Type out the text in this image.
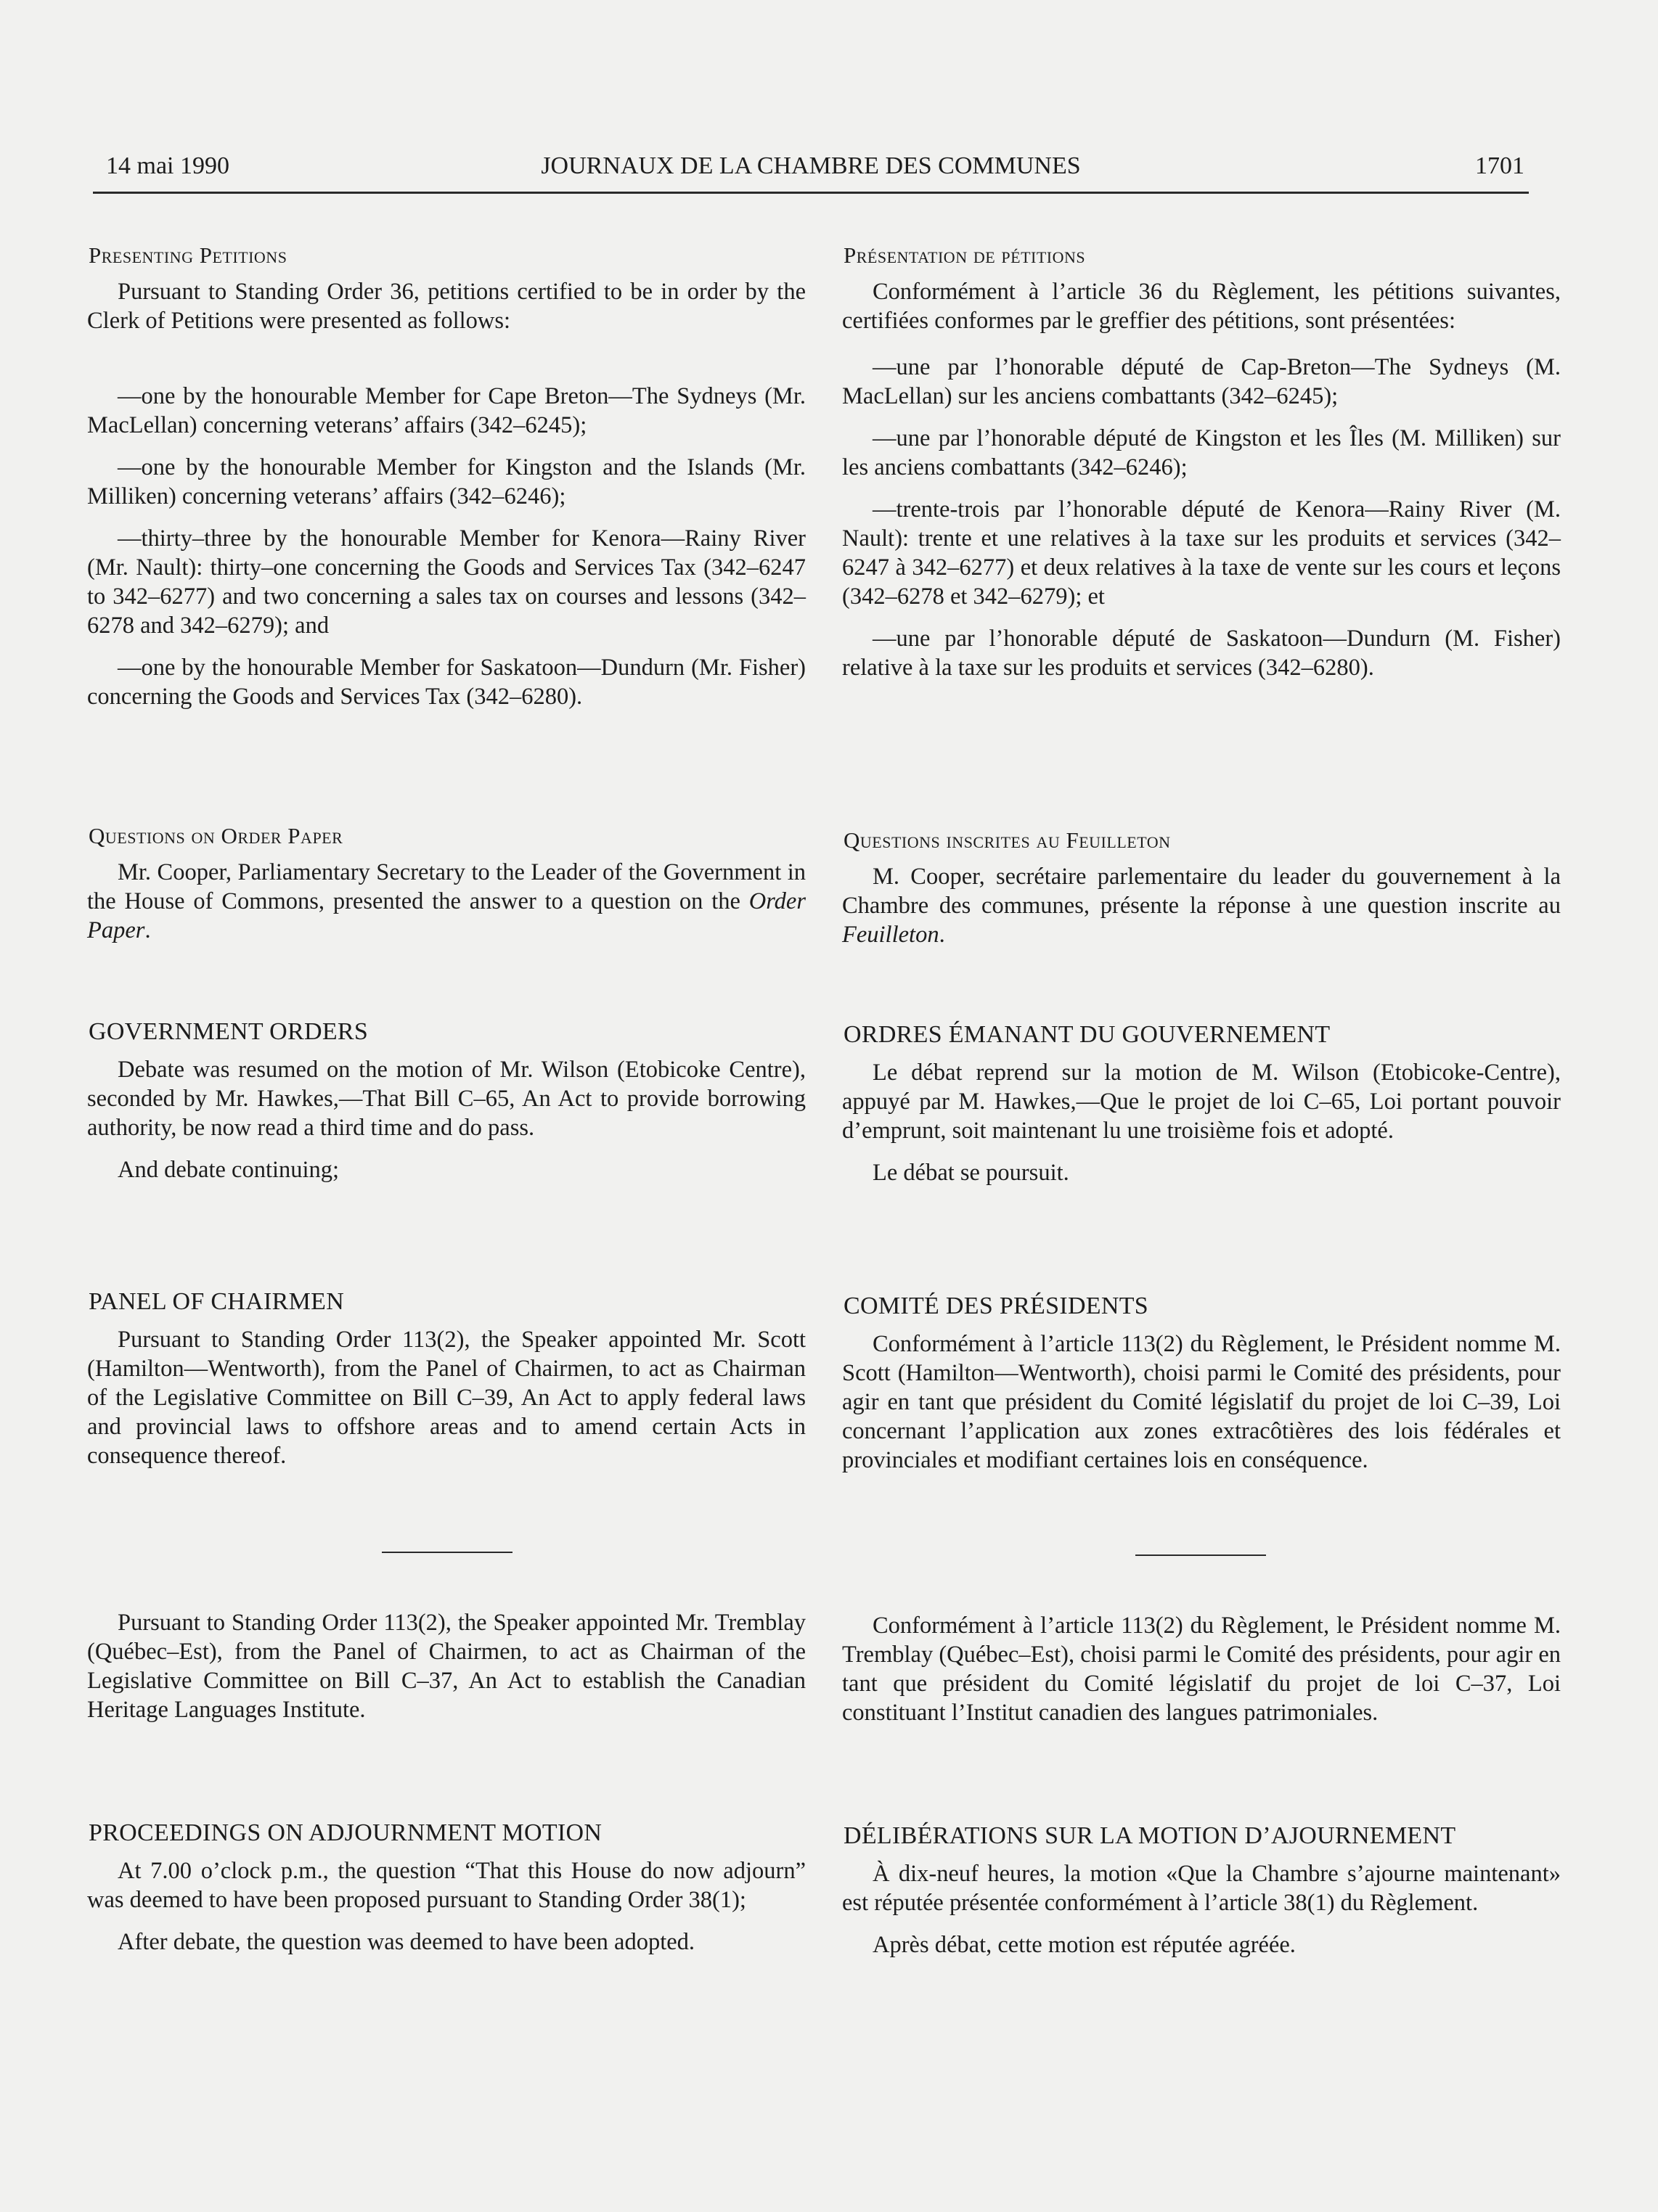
14 mai 1990	JOURNAUX DE LA CHAMBRE DES COMMUNES	1701
Presenting Petitions

Pursuant to Standing Order 36, petitions certified to be in order by the Clerk of Petitions were presented as follows:

—one by the honourable Member for Cape Breton—The Sydneys (Mr. MacLellan) concerning veterans’ affairs (342–6245);

—one by the honourable Member for Kingston and the Islands (Mr. Milliken) concerning veterans’ affairs (342–6246);

—thirty–three by the honourable Member for Kenora—Rainy River (Mr. Nault): thirty–one concerning the Goods and Services Tax (342–6247 to 342–6277) and two concerning a sales tax on courses and lessons (342–6278 and 342–6279); and

—one by the honourable Member for Saskatoon—Dundurn (Mr. Fisher) concerning the Goods and Services Tax (342–6280).

Questions on Order Paper

Mr. Cooper, Parliamentary Secretary to the Leader of the Government in the House of Commons, presented the answer to a question on the Order Paper.

GOVERNMENT ORDERS

Debate was resumed on the motion of Mr. Wilson (Etobicoke Centre), seconded by Mr. Hawkes,—That Bill C–65, An Act to provide borrowing authority, be now read a third time and do pass.

And debate continuing;

PANEL OF CHAIRMEN

Pursuant to Standing Order 113(2), the Speaker appointed Mr. Scott (Hamilton—Wentworth), from the Panel of Chairmen, to act as Chairman of the Legislative Committee on Bill C–39, An Act to apply federal laws and provincial laws to offshore areas and to amend certain Acts in consequence thereof.

Pursuant to Standing Order 113(2), the Speaker appointed Mr. Tremblay (Québec–Est), from the Panel of Chairmen, to act as Chairman of the Legislative Committee on Bill C–37, An Act to establish the Canadian Heritage Languages Institute.

PROCEEDINGS ON ADJOURNMENT MOTION

At 7.00 o’clock p.m., the question “That this House do now adjourn” was deemed to have been proposed pursuant to Standing Order 38(1);

After debate, the question was deemed to have been adopted.

Présentation de pétitions

Conformément à l’article 36 du Règlement, les pétitions suivantes, certifiées conformes par le greffier des pétitions, sont présentées:

—une par l’honorable député de Cap-Breton—The Sydneys (M. MacLellan) sur les anciens combattants (342–6245);

—une par l’honorable député de Kingston et les Îles (M. Milliken) sur les anciens combattants (342–6246);

—trente-trois par l’honorable député de Kenora—Rainy River (M. Nault): trente et une relatives à la taxe sur les produits et services (342–6247 à 342–6277) et deux relatives à la taxe de vente sur les cours et leçons (342–6278 et 342–6279); et

—une par l’honorable député de Saskatoon—Dundurn (M. Fisher) relative à la taxe sur les produits et services (342–6280).

Questions inscrites au Feuilleton

M. Cooper, secrétaire parlementaire du leader du gouvernement à la Chambre des communes, présente la réponse à une question inscrite au Feuilleton.

ORDRES ÉMANANT DU GOUVERNEMENT

Le débat reprend sur la motion de M. Wilson (Etobicoke-Centre), appuyé par M. Hawkes,—Que le projet de loi C–65, Loi portant pouvoir d’emprunt, soit maintenant lu une troisième fois et adopté.

Le débat se poursuit.

COMITÉ DES PRÉSIDENTS

Conformément à l’article 113(2) du Règlement, le Président nomme M. Scott (Hamilton—Wentworth), choisi parmi le Comité des présidents, pour agir en tant que président du Comité législatif du projet de loi C–39, Loi concernant l’application aux zones extracôtières des lois fédérales et provinciales et modifiant certaines lois en conséquence.

Conformément à l’article 113(2) du Règlement, le Président nomme M. Tremblay (Québec–Est), choisi parmi le Comité des présidents, pour agir en tant que président du Comité législatif du projet de loi C–37, Loi constituant l’Institut canadien des langues patrimoniales.

DÉLIBÉRATIONS SUR LA MOTION D’AJOURNEMENT

À dix-neuf heures, la motion «Que la Chambre s’ajourne maintenant» est réputée présentée conformément à l’article 38(1) du Règlement.

Après débat, cette motion est réputée agréée.
